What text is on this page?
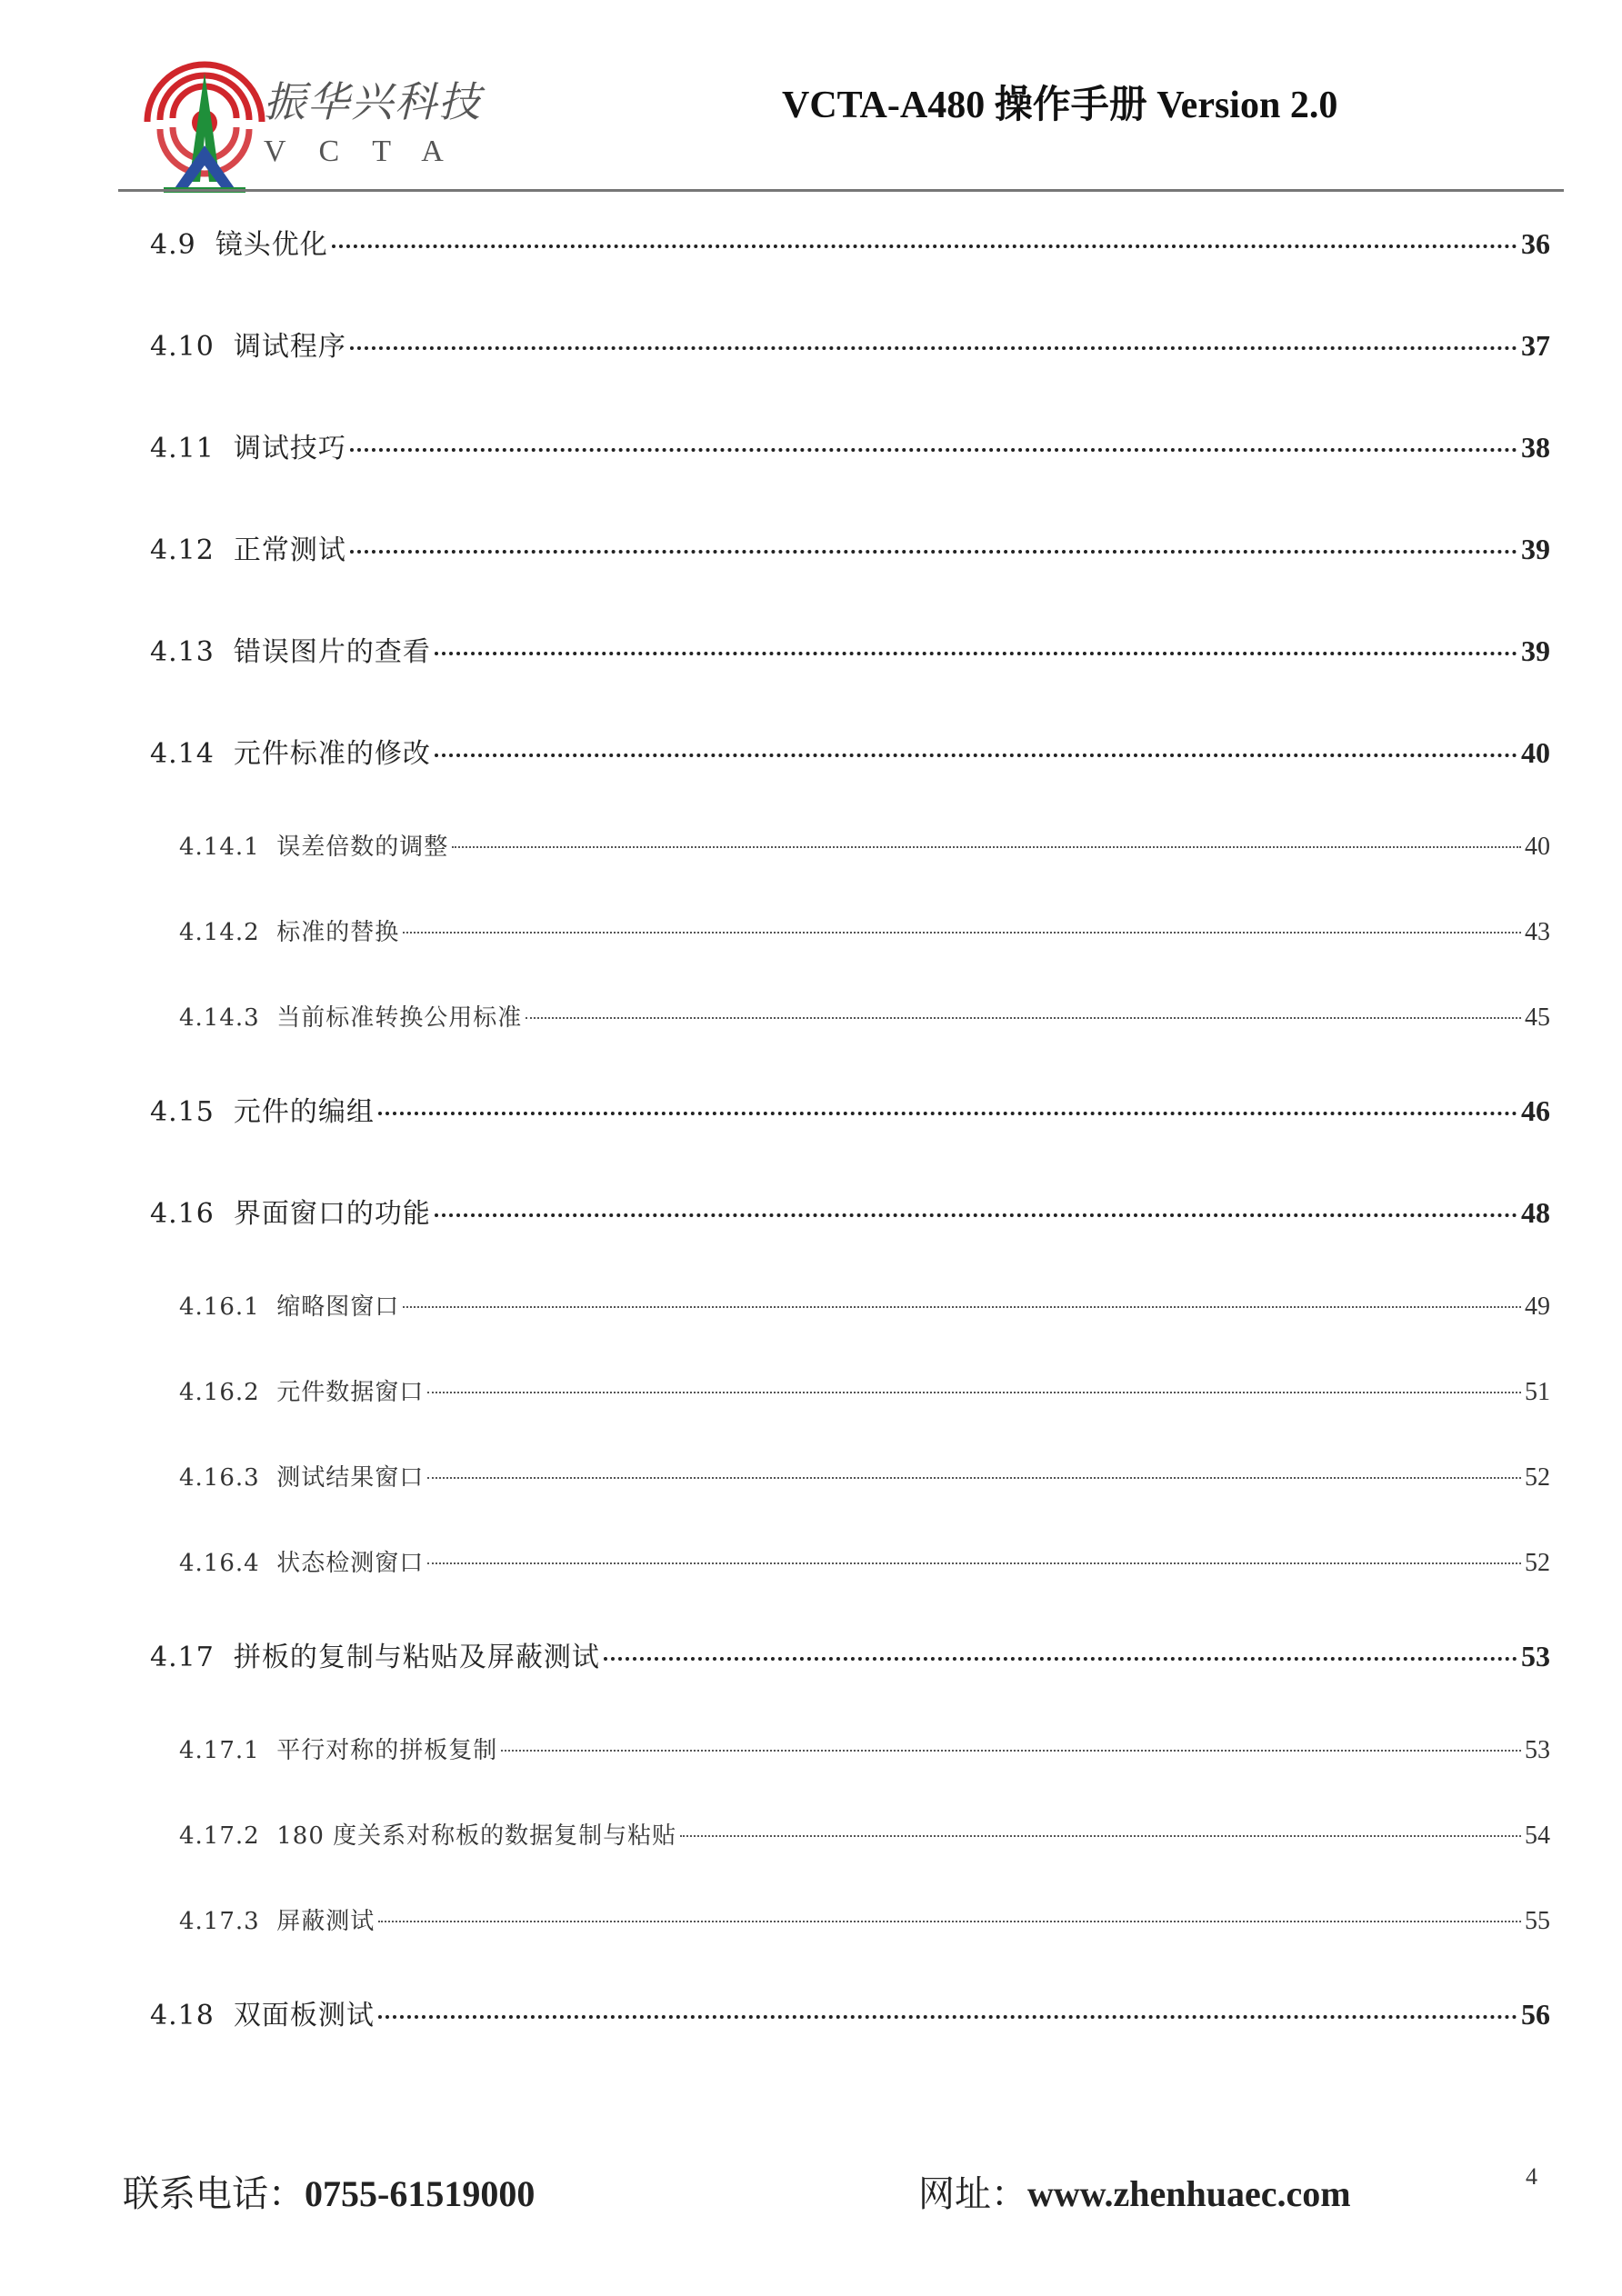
振华兴科技
VCTA
VCTA-A480 操作手册 Version 2.0
4.9 镜头优化	36
4.10 调试程序	37
4.11 调试技巧	38
4.12 正常测试	39
4.13 错误图片的查看	39
4.14 元件标准的修改	40
4.14.1 误差倍数的调整	40
4.14.2 标准的替换	43
4.14.3 当前标准转换公用标准	45
4.15 元件的编组	46
4.16 界面窗口的功能	48
4.16.1 缩略图窗口	49
4.16.2 元件数据窗口	51
4.16.3 测试结果窗口	52
4.16.4 状态检测窗口	52
4.17 拼板的复制与粘贴及屏蔽测试	53
4.17.1 平行对称的拼板复制	53
4.17.2 180 度关系对称板的数据复制与粘贴	54
4.17.3 屏蔽测试	55
4.18 双面板测试	56
联系电话：0755-61519000	网址：www.zhenhuaec.com	4
